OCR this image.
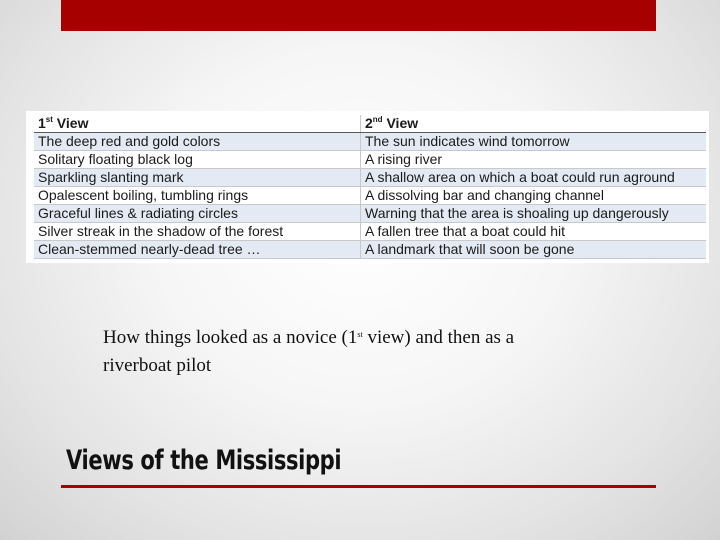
1st View	2nd View
The deep red and gold colors	The sun indicates wind tomorrow
Solitary floating black log	A rising river
Sparkling slanting mark	A shallow area on which a boat could run aground
Opalescent boiling, tumbling rings	A dissolving bar and changing channel
Graceful lines & radiating circles	Warning that the area is shoaling up dangerously
Silver streak in the shadow of the forest	A fallen tree that a boat could hit
Clean-stemmed nearly-dead tree …	A landmark that will soon be gone
How things looked as a novice (1st view) and then as a riverboat pilot
Views of the Mississippi
